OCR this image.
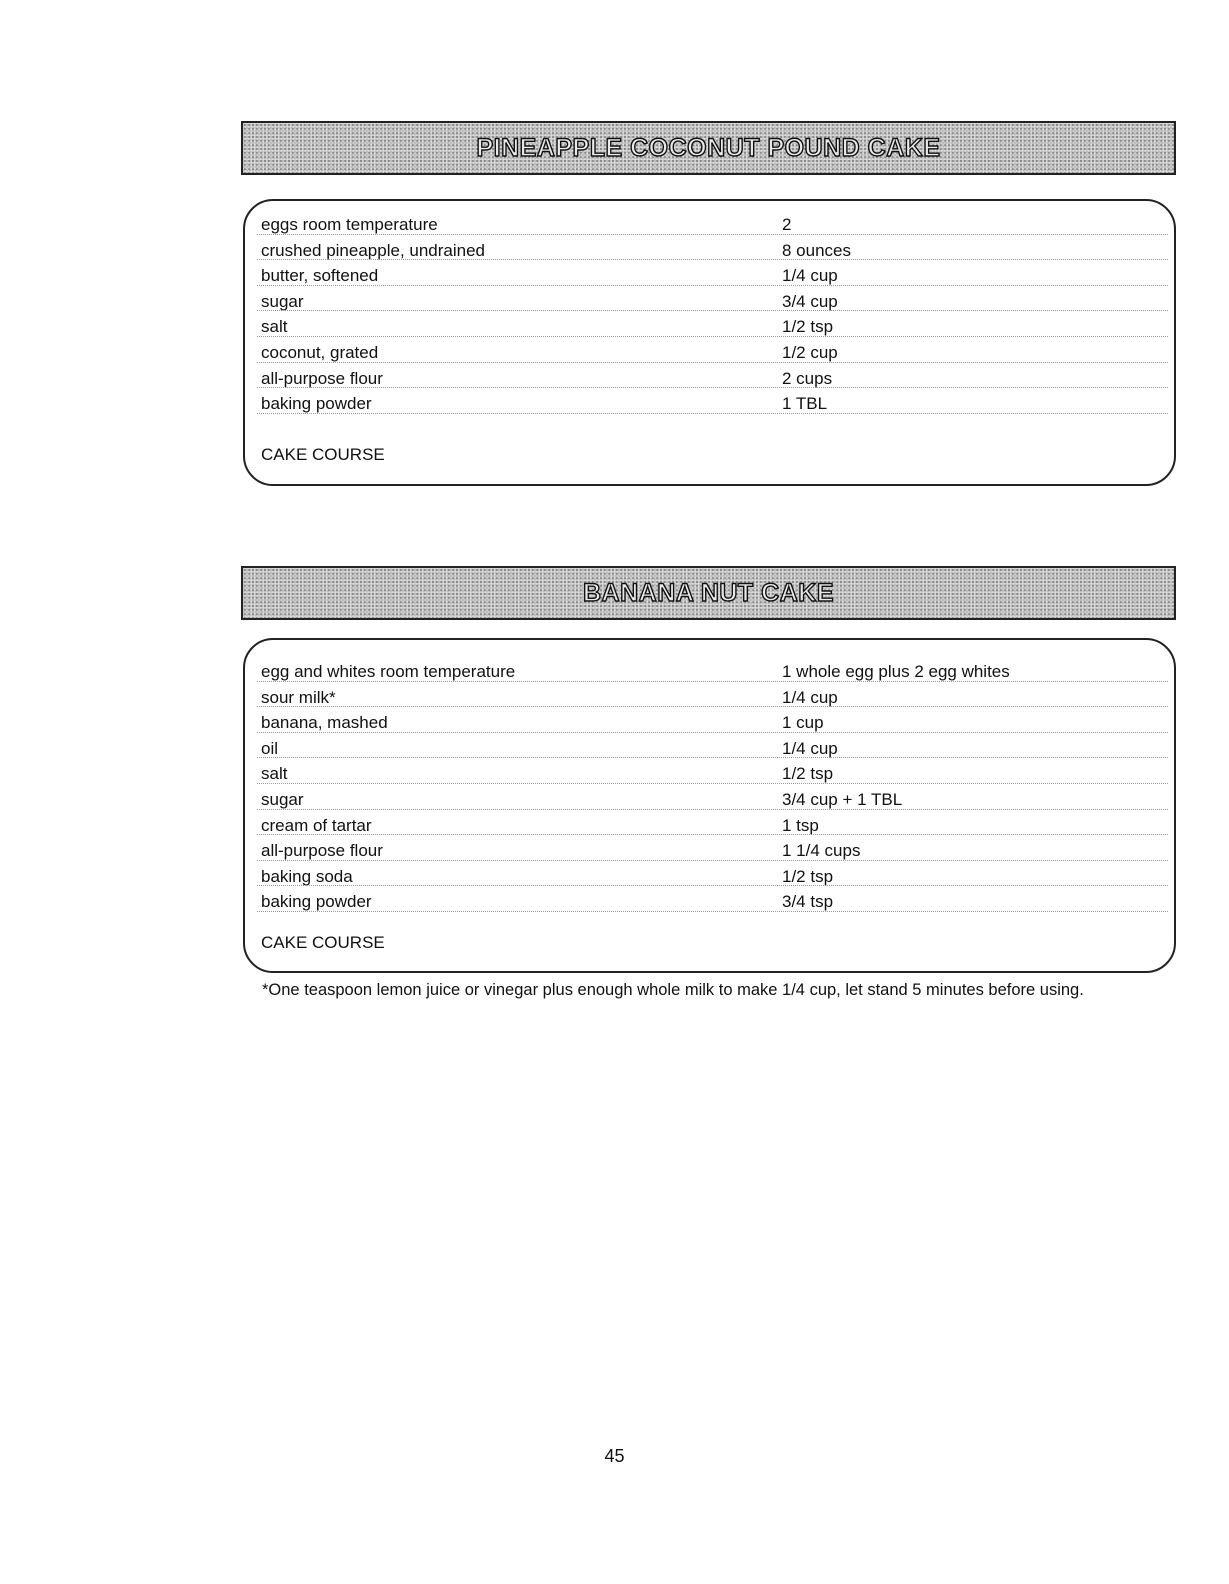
PINEAPPLE COCONUT POUND CAKE
eggs room temperature	2
crushed pineapple, undrained	8 ounces
butter, softened	1/4 cup
sugar	3/4 cup
salt	1/2 tsp
coconut, grated	1/2 cup
all-purpose flour	2 cups
baking powder	1 TBL
CAKE COURSE
BANANA NUT CAKE
egg and whites room temperature	1 whole egg plus 2 egg whites
sour milk*	1/4 cup
banana, mashed	1 cup
oil	1/4 cup
salt	1/2 tsp
sugar	3/4 cup + 1 TBL
cream of tartar	1 tsp
all-purpose flour	1 1/4 cups
baking soda	1/2 tsp
baking powder	3/4 tsp
CAKE COURSE
*One teaspoon lemon juice or vinegar plus enough whole milk to make 1/4 cup, let stand 5 minutes before using.
45
